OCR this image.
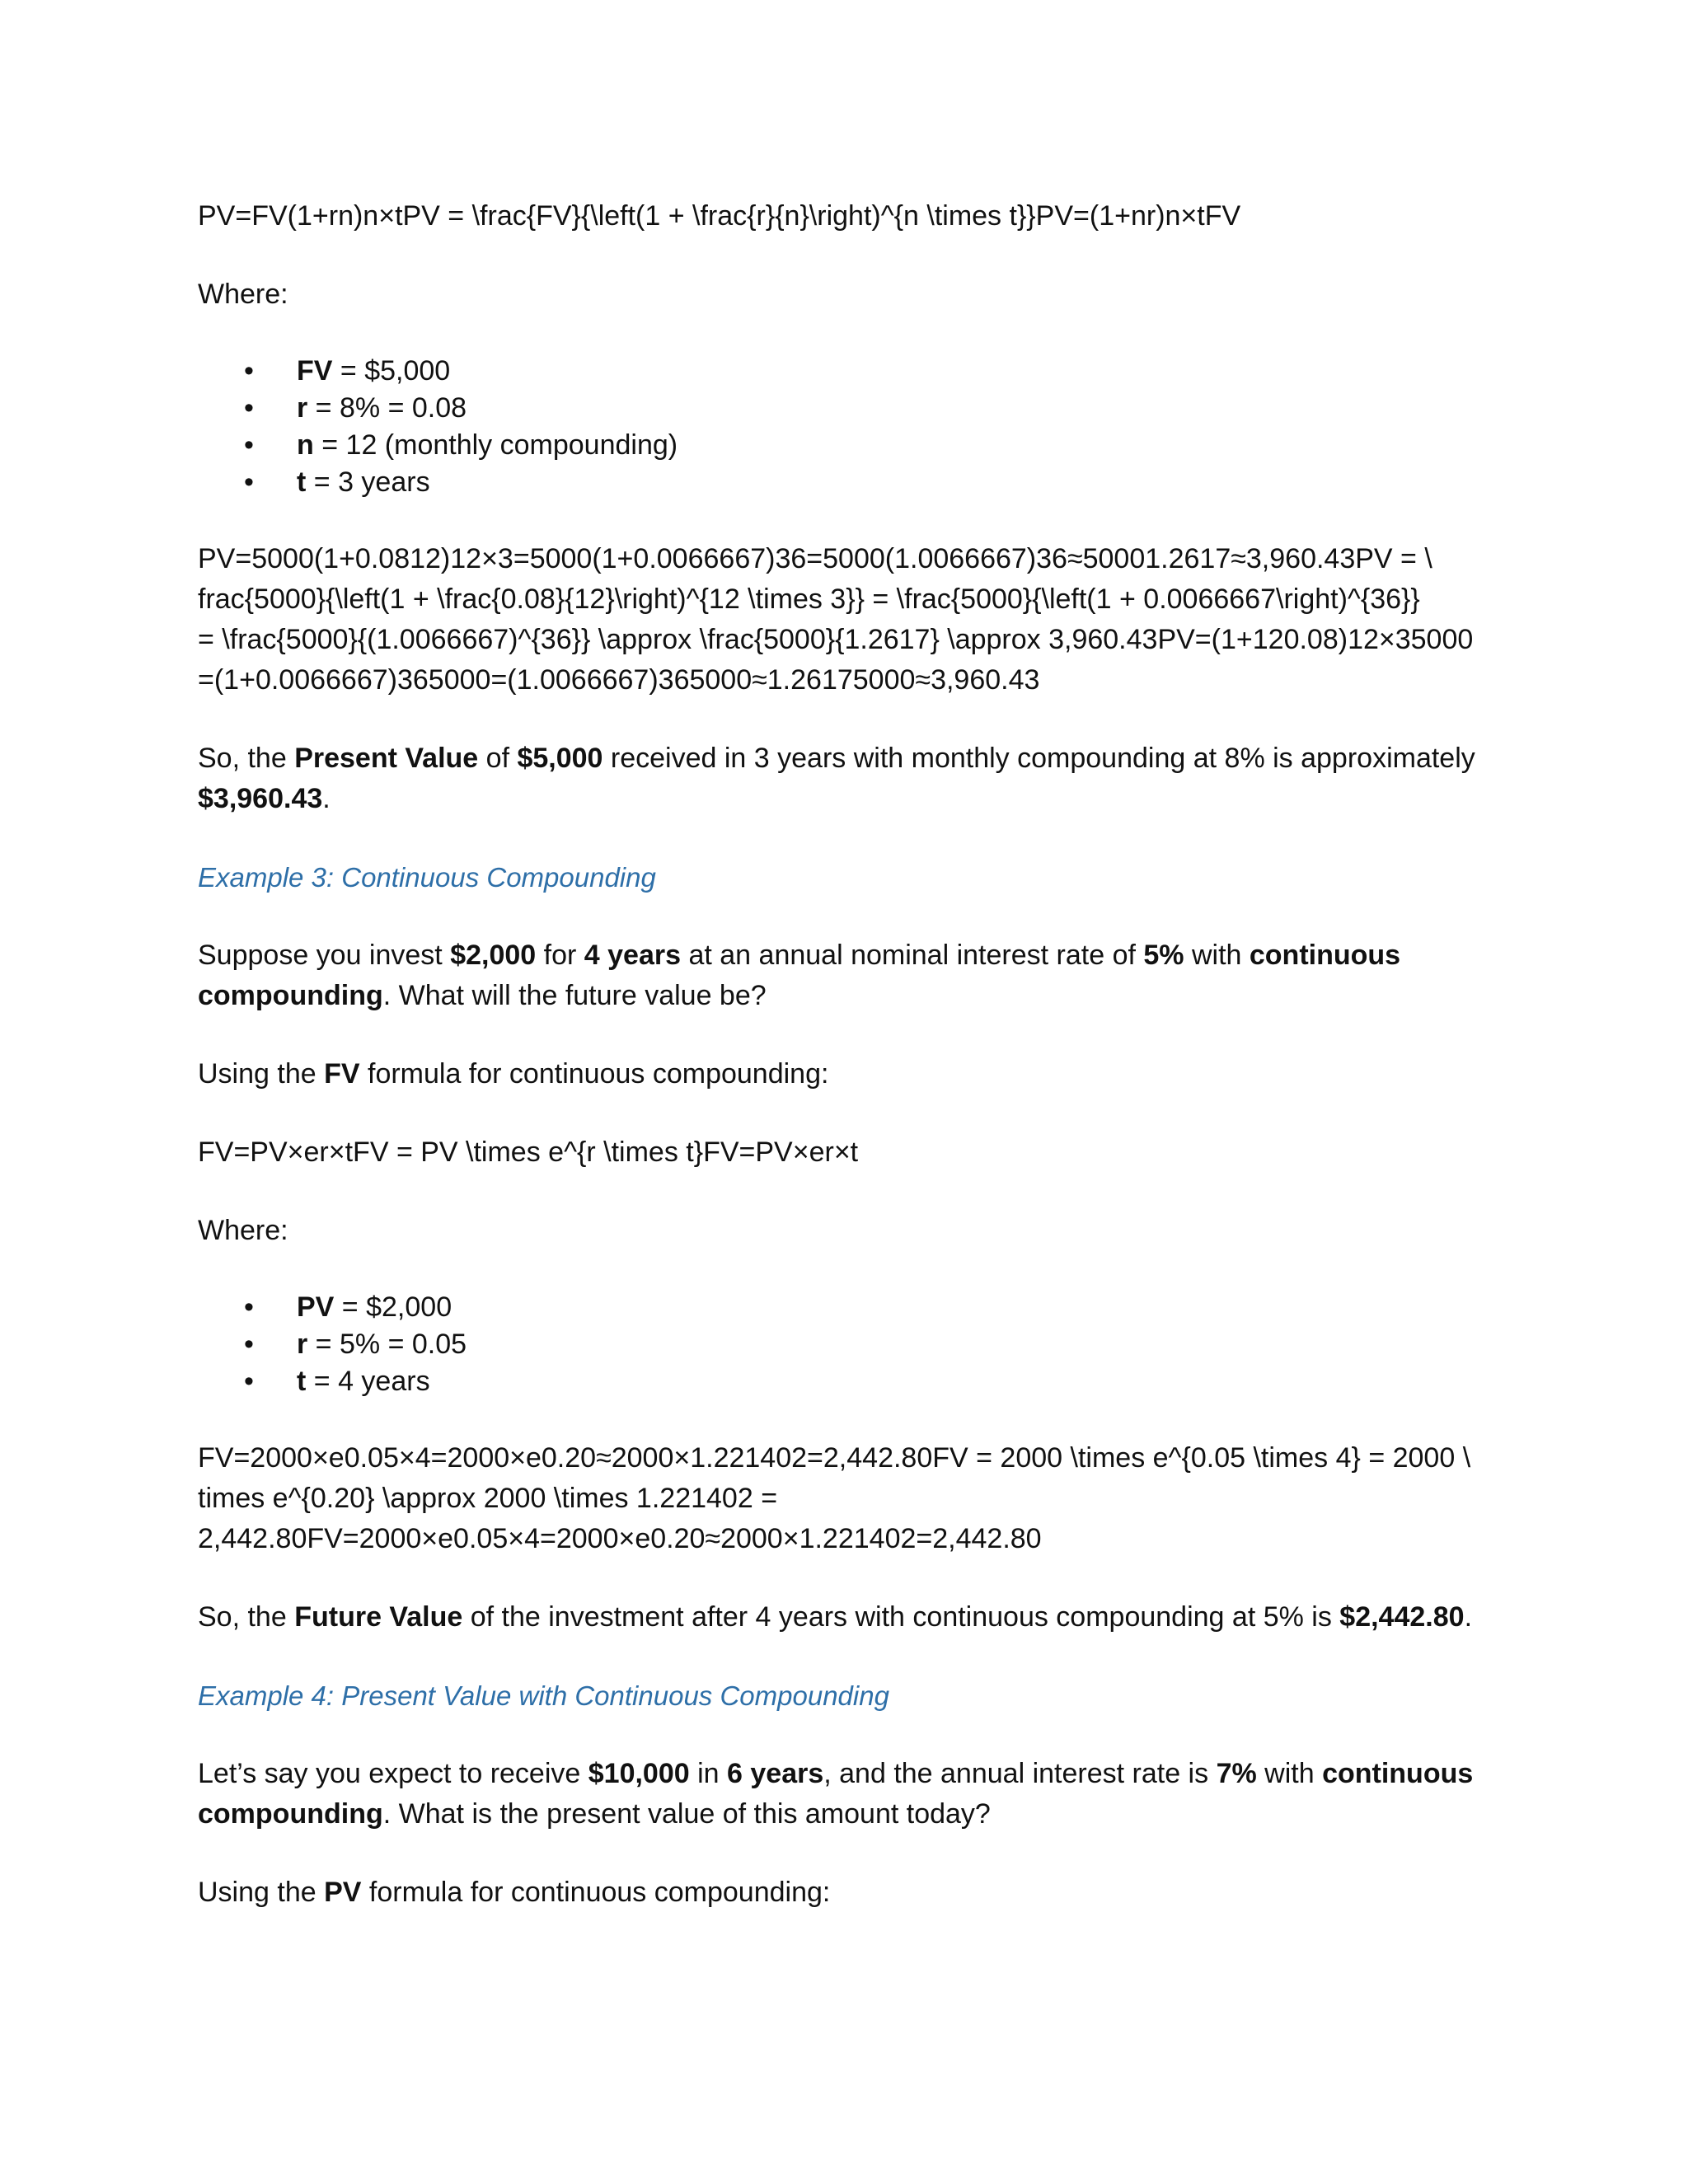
PV=FV(1+rn)n×tPV = \frac{FV}{\left(1 + \frac{r}{n}\right)^{n \times t}}PV=(1+nr)n×tFV

Where:

• FV = $5,000
• r = 8% = 0.08
• n = 12 (monthly compounding)
• t = 3 years

PV=5000(1+0.0812)12×3=5000(1+0.0066667)36=5000(1.0066667)36≈50001.2617≈3,960.43PV = \

frac{5000}{\left(1 + \frac{0.08}{12}\right)^{12 \times 3}} = \frac{5000}{\left(1 + 0.0066667\right)^{36}}

= \frac{5000}{(1.0066667)^{36}} \approx \frac{5000}{1.2617} \approx 3,960.43PV=(1+120.08)12×35000

=(1+0.0066667)365000=(1.0066667)365000≈1.26175000≈3,960.43

So, the Present Value of $5,000 received in 3 years with monthly compounding at 8% is approximately $3,960.43.

Example 3: Continuous Compounding

Suppose you invest $2,000 for 4 years at an annual nominal interest rate of 5% with continuous compounding. What will the future value be?

Using the FV formula for continuous compounding:

FV=PV×er×tFV = PV \times e^{r \times t}FV=PV×er×t

Where:

• PV = $2,000
• r = 5% = 0.05
• t = 4 years

FV=2000×e0.05×4=2000×e0.20≈2000×1.221402=2,442.80FV = 2000 \times e^{0.05 \times 4} = 2000 \

times e^{0.20} \approx 2000 \times 1.221402 =

2,442.80FV=2000×e0.05×4=2000×e0.20≈2000×1.221402=2,442.80

So, the Future Value of the investment after 4 years with continuous compounding at 5% is $2,442.80.

Example 4: Present Value with Continuous Compounding

Let’s say you expect to receive $10,000 in 6 years, and the annual interest rate is 7% with continuous compounding. What is the present value of this amount today?

Using the PV formula for continuous compounding:
